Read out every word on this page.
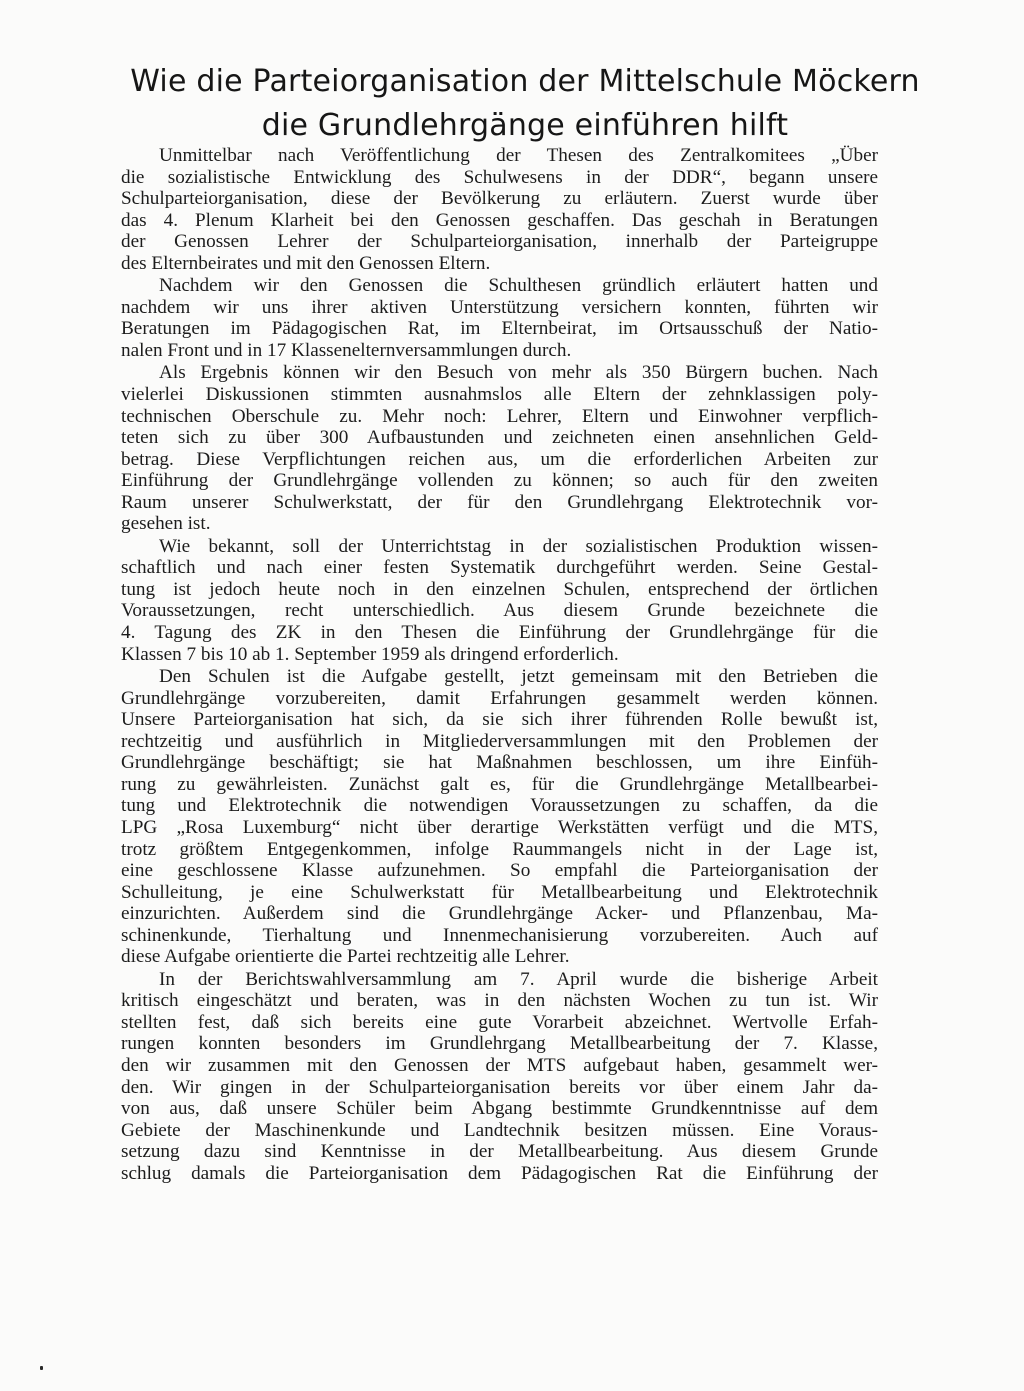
Wie die Parteiorganisation der Mittelschule Möckern
die Grundlehrgänge einführen hilft
Unmittelbar nach Veröffentlichung der Thesen des Zentralkomitees „Über
die sozialistische Entwicklung des Schulwesens in der DDR“, begann unsere
Schulparteiorganisation, diese der Bevölkerung zu erläutern. Zuerst wurde über
das 4. Plenum Klarheit bei den Genossen geschaffen. Das geschah in Beratungen
der Genossen Lehrer der Schulparteiorganisation, innerhalb der Parteigruppe
des Elternbeirates und mit den Genossen Eltern.
Nachdem wir den Genossen die Schulthesen gründlich erläutert hatten und
nachdem wir uns ihrer aktiven Unterstützung versichern konnten, führten wir
Beratungen im Pädagogischen Rat, im Elternbeirat, im Ortsausschuß der Natio-
nalen Front und in 17 Klassenelternversammlungen durch.
Als Ergebnis können wir den Besuch von mehr als 350 Bürgern buchen. Nach
vielerlei Diskussionen stimmten ausnahmslos alle Eltern der zehnklassigen poly-
technischen Oberschule zu. Mehr noch: Lehrer, Eltern und Einwohner verpflich-
teten sich zu über 300 Aufbaustunden und zeichneten einen ansehnlichen Geld-
betrag. Diese Verpflichtungen reichen aus, um die erforderlichen Arbeiten zur
Einführung der Grundlehrgänge vollenden zu können; so auch für den zweiten
Raum unserer Schulwerkstatt, der für den Grundlehrgang Elektrotechnik vor-
gesehen ist.
Wie bekannt, soll der Unterrichtstag in der sozialistischen Produktion wissen-
schaftlich und nach einer festen Systematik durchgeführt werden. Seine Gestal-
tung ist jedoch heute noch in den einzelnen Schulen, entsprechend der örtlichen
Voraussetzungen, recht unterschiedlich. Aus diesem Grunde bezeichnete die
4. Tagung des ZK in den Thesen die Einführung der Grundlehrgänge für die
Klassen 7 bis 10 ab 1. September 1959 als dringend erforderlich.
Den Schulen ist die Aufgabe gestellt, jetzt gemeinsam mit den Betrieben die
Grundlehrgänge vorzubereiten, damit Erfahrungen gesammelt werden können.
Unsere Parteiorganisation hat sich, da sie sich ihrer führenden Rolle bewußt ist,
rechtzeitig und ausführlich in Mitgliederversammlungen mit den Problemen der
Grundlehrgänge beschäftigt; sie hat Maßnahmen beschlossen, um ihre Einfüh-
rung zu gewährleisten. Zunächst galt es, für die Grundlehrgänge Metallbearbei-
tung und Elektrotechnik die notwendigen Voraussetzungen zu schaffen, da die
LPG „Rosa Luxemburg“ nicht über derartige Werkstätten verfügt und die MTS,
trotz größtem Entgegenkommen, infolge Raummangels nicht in der Lage ist,
eine geschlossene Klasse aufzunehmen. So empfahl die Parteiorganisation der
Schulleitung, je eine Schulwerkstatt für Metallbearbeitung und Elektrotechnik
einzurichten. Außerdem sind die Grundlehrgänge Acker- und Pflanzenbau, Ma-
schinenkunde, Tierhaltung und Innenmechanisierung vorzubereiten. Auch auf
diese Aufgabe orientierte die Partei rechtzeitig alle Lehrer.
In der Berichtswahlversammlung am 7. April wurde die bisherige Arbeit
kritisch eingeschätzt und beraten, was in den nächsten Wochen zu tun ist. Wir
stellten fest, daß sich bereits eine gute Vorarbeit abzeichnet. Wertvolle Erfah-
rungen konnten besonders im Grundlehrgang Metallbearbeitung der 7. Klasse,
den wir zusammen mit den Genossen der MTS aufgebaut haben, gesammelt wer-
den. Wir gingen in der Schulparteiorganisation bereits vor über einem Jahr da-
von aus, daß unsere Schüler beim Abgang bestimmte Grundkenntnisse auf dem
Gebiete der Maschinenkunde und Landtechnik besitzen müssen. Eine Voraus-
setzung dazu sind Kenntnisse in der Metallbearbeitung. Aus diesem Grunde
schlug damals die Parteiorganisation dem Pädagogischen Rat die Einführung der
